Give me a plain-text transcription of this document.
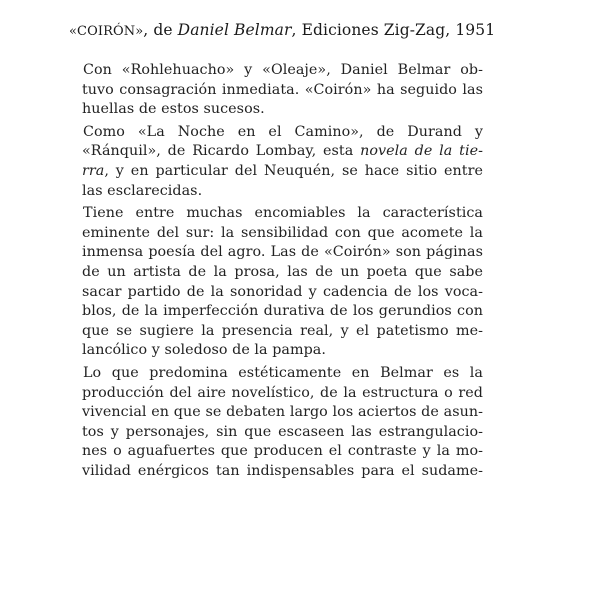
«COIRÓN», de Daniel Belmar, Ediciones Zig-Zag, 1951
Con «Rohlehuacho» y «Oleaje», Daniel Belmar ob-
tuvo consagración inmediata. «Coirón» ha seguido las
huellas de estos sucesos.
Como «La Noche en el Camino», de Durand y
«Ránquil», de Ricardo Lombay, esta novela de la tie-
rra, y en particular del Neuquén, se hace sitio entre
las esclarecidas.
Tiene entre muchas encomiables la característica
eminente del sur: la sensibilidad con que acomete la
inmensa poesía del agro. Las de «Coirón» son páginas
de un artista de la prosa, las de un poeta que sabe
sacar partido de la sonoridad y cadencia de los voca-
blos, de la imperfección durativa de los gerundios con
que se sugiere la presencia real, y el patetismo me-
lancólico y soledoso de la pampa.
Lo que predomina estéticamente en Belmar es la
producción del aire novelístico, de la estructura o red
vivencial en que se debaten largo los aciertos de asun-
tos y personajes, sin que escaseen las estrangulacio-
nes o aguafuertes que producen el contraste y la mo-
vilidad enérgicos tan indispensables para el sudame-
